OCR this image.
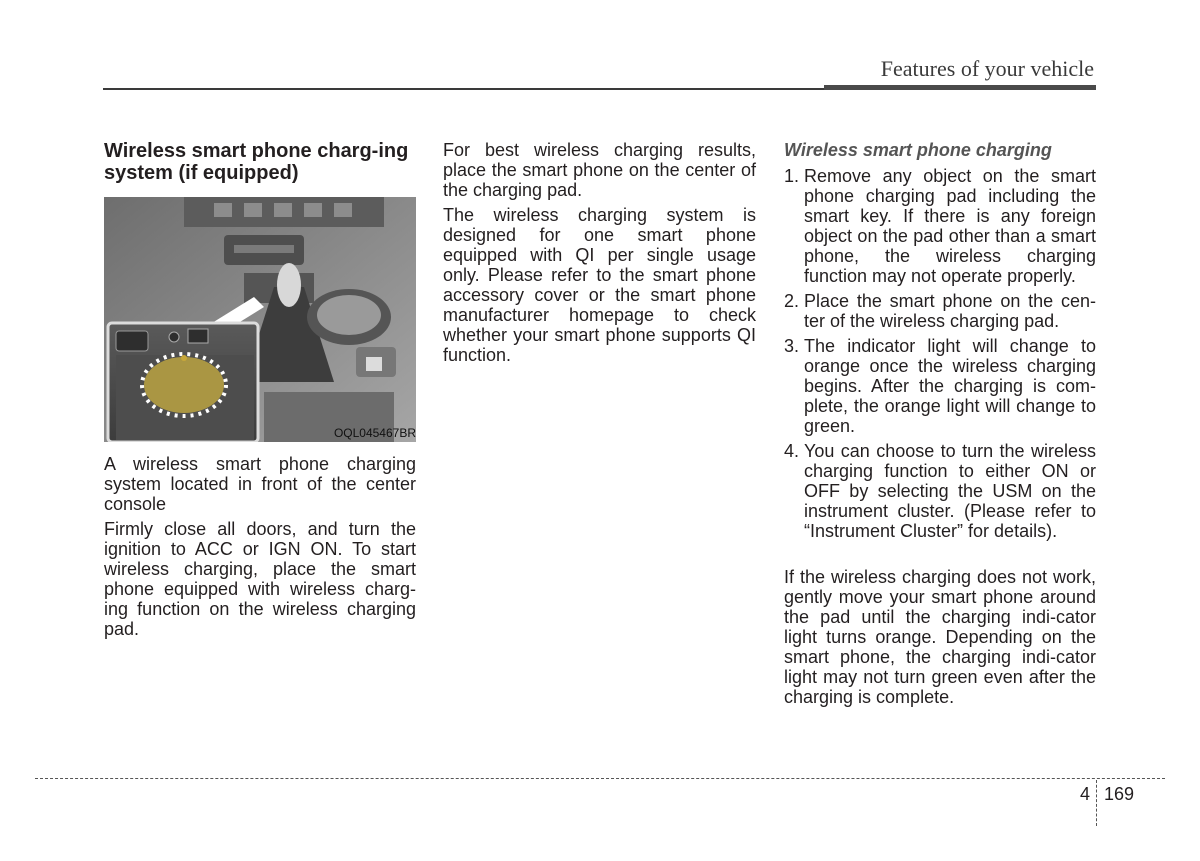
Features of your vehicle
Wireless smart phone charg-ing system (if equipped)
OQL045467BR

A wireless smart phone charging system located in front of the center console

Firmly close all doors, and turn the ignition to ACC or IGN ON. To start wireless charging, place the smart phone equipped with wireless charg-ing function on the wireless charging pad.

For best wireless charging results, place the smart phone on the center of the charging pad.

The wireless charging system is designed for one smart phone equipped with QI per single usage only. Please refer to the smart phone accessory cover or the smart phone manufacturer homepage to check whether your smart phone supports QI function.

Wireless smart phone charging
1. Remove any object on the smart phone charging pad including the smart key. If there is any foreign object on the pad other than a smart phone, the wireless charging function may not operate properly.
2. Place the smart phone on the cen-ter of the wireless charging pad.
3. The indicator light will change to orange once the wireless charging begins. After the charging is com-plete, the orange light will change to green.
4. You can choose to turn the wireless charging function to either ON or OFF by selecting the USM on the instrument cluster. (Please refer to “Instrument Cluster” for details).

If the wireless charging does not work, gently move your smart phone around the pad until the charging indi-cator light turns orange. Depending on the smart phone, the charging indi-cator light may not turn green even after the charging is complete.

4 169
